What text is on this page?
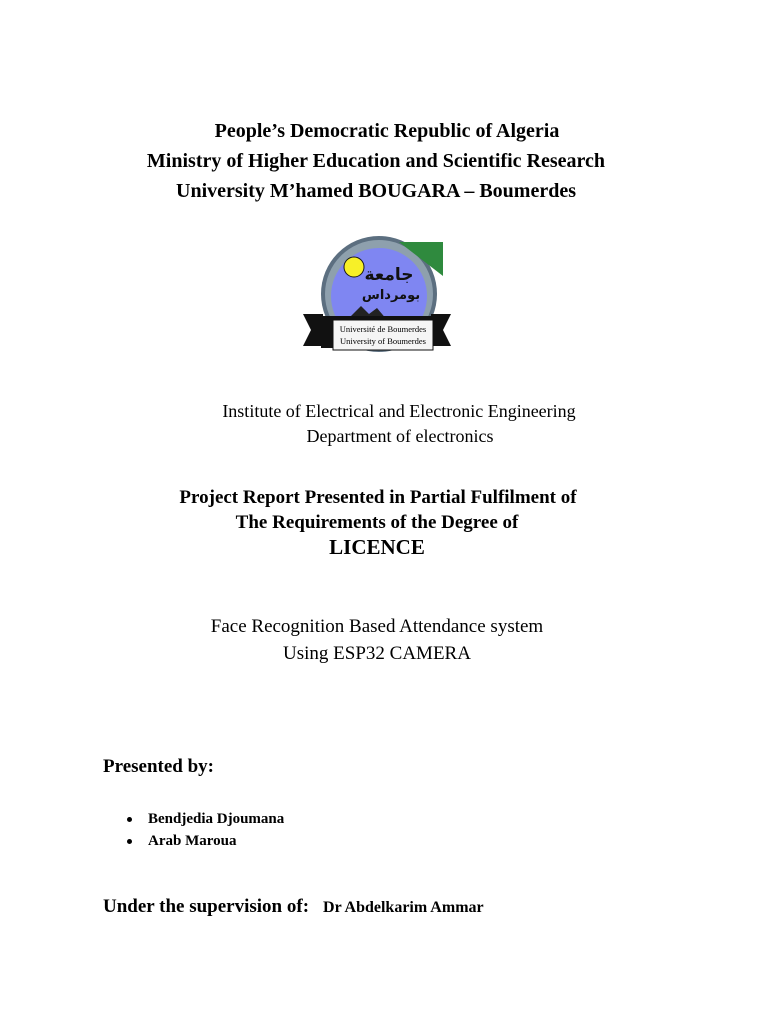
People’s Democratic Republic of Algeria
Ministry of Higher Education and Scientific Research
University M’hamed BOUGARA – Boumerdes
جامعة
بومرداس
Université de Boumerdes
University of Boumerdes
Institute of Electrical and Electronic Engineering
Department of electronics
Project Report Presented in Partial Fulfilment of
The Requirements of the Degree of
LICENCE
Face Recognition Based Attendance system
Using ESP32 CAMERA
Presented by:
Bendjedia Djoumana
Arab Maroua
Under the supervision of: Dr Abdelkarim Ammar
